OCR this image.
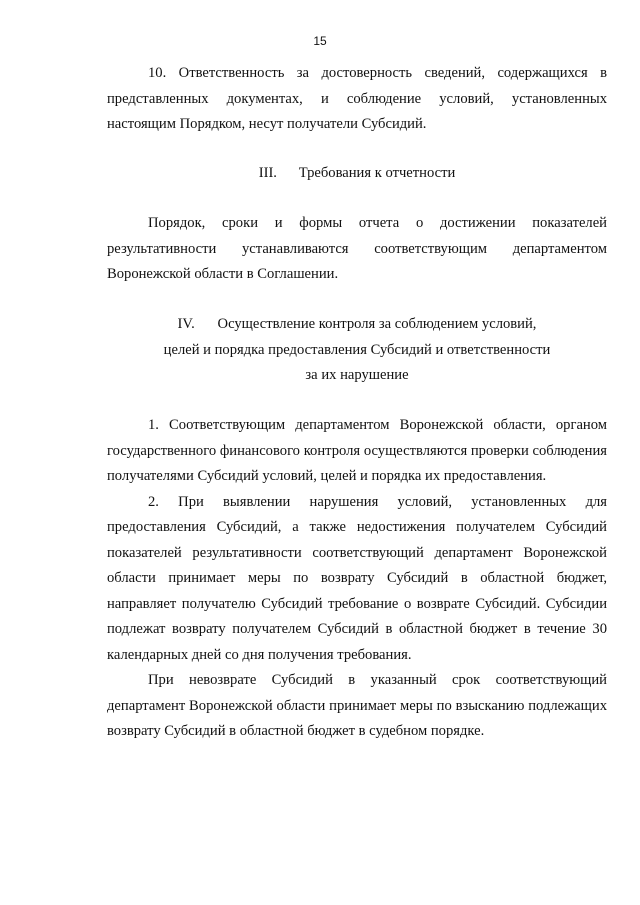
15

10. Ответственность за достоверность сведений, содержащихся в представленных документах, и соблюдение условий, установленных настоящим Порядком, несут получатели Субсидий.

III. Требования к отчетности

Порядок, сроки и формы отчета о достижении показателей результативности устанавливаются соответствующим департаментом Воронежской области в Соглашении.

IV. Осуществление контроля за соблюдением условий,
целей и порядка предоставления Субсидий и ответственности
за их нарушение

1. Соответствующим департаментом Воронежской области, органом государственного финансового контроля осуществляются проверки соблюдения получателями Субсидий условий, целей и порядка их предоставления.

2. При выявлении нарушения условий, установленных для предоставления Субсидий, а также недостижения получателем Субсидий показателей результативности соответствующий департамент Воронежской области принимает меры по возврату Субсидий в областной бюджет, направляет получателю Субсидий требование о возврате Субсидий. Субсидии подлежат возврату получателем Субсидий в областной бюджет в течение 30 календарных дней со дня получения требования.

При невозврате Субсидий в указанный срок соответствующий департамент Воронежской области принимает меры по взысканию подлежащих возврату Субсидий в областной бюджет в судебном порядке.
